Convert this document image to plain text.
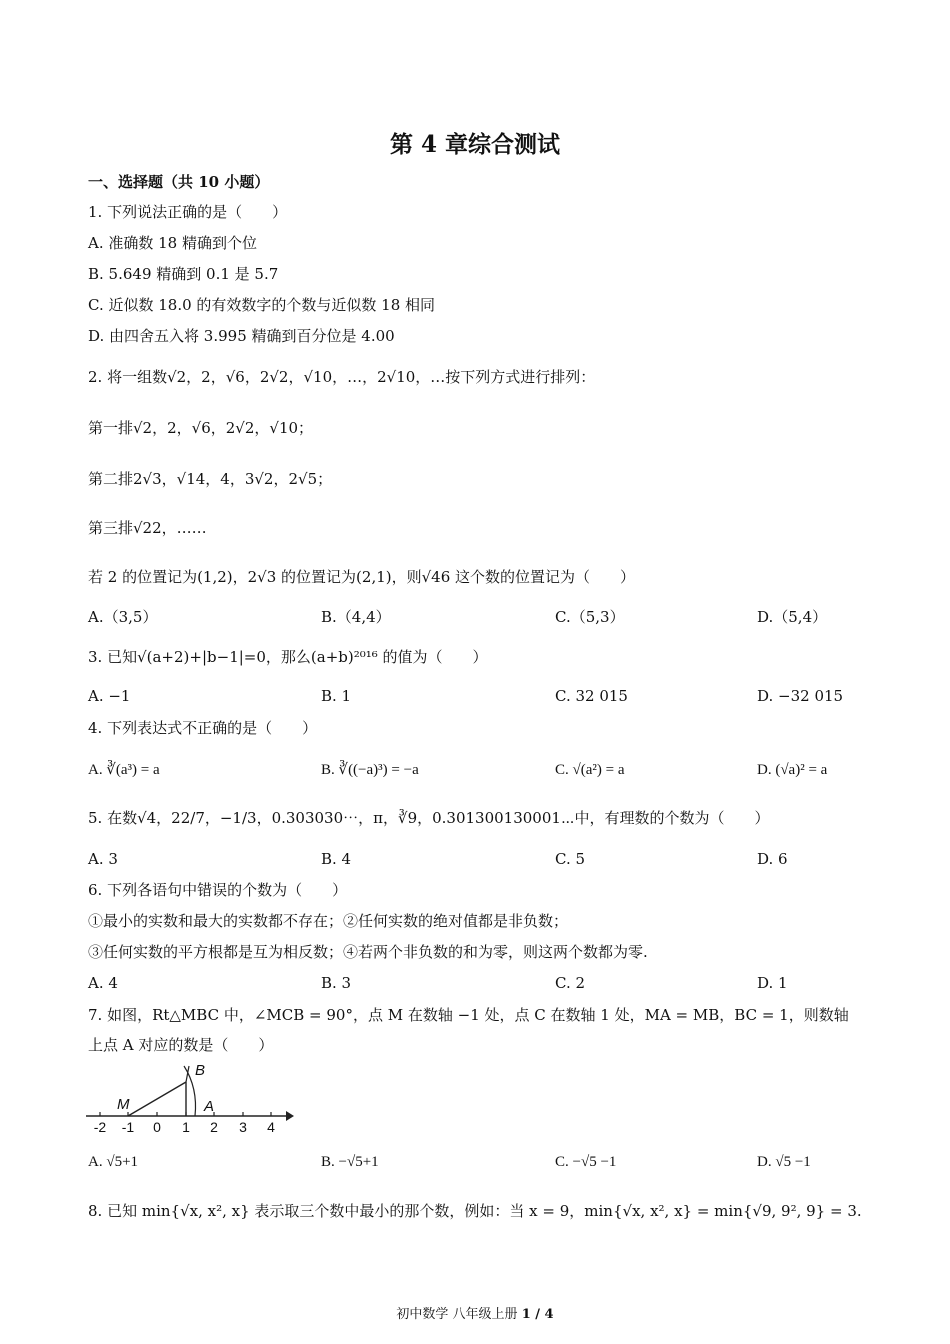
第 4 章综合测试
一、选择题（共 10 小题）
1. 下列说法正确的是（　　）
A. 准确数 18 精确到个位
B. 5.649 精确到 0.1 是 5.7
C. 近似数 18.0 的有效数字的个数与近似数 18 相同
D. 由四舍五入将 3.995 精确到百分位是 4.00
2. 将一组数√2，2，√6，2√2，√10，…，2√10，…按下列方式进行排列：
第一排√2，2，√6，2√2，√10；
第二排2√3，√14，4，3√2，2√5；
第三排√22，……
若 2 的位置记为(1,2)，2√3 的位置记为(2,1)，则√46 这个数的位置记为（　　）
A.（3,5）	B.（4,4）	C.（5,3）	D.（5,4）
3. 已知√(a+2)+|b−1|=0，那么(a+b)²⁰¹⁶ 的值为（　　）
A. −1	B. 1	C. 32 015	D. −32 015
4. 下列表达式不正确的是（　　）
A. ∛(a³) = a	B. ∛((−a)³) = −a	C. √(a²) = a	D. (√a)² = a
5. 在数√4，22/7，−1/3，0.303030⋯，π，∛9，0.301300130001⋯中，有理数的个数为（　　）
A. 3	B. 4	C. 5	D. 6
6. 下列各语句中错误的个数为（　　）
①最小的实数和最大的实数都不存在；②任何实数的绝对值都是非负数；
③任何实数的平方根都是互为相反数；④若两个非负数的和为零，则这两个数都为零.
A. 4	B. 3	C. 2	D. 1
7. 如图，Rt△MBC 中，∠MCB = 90°，点 M 在数轴 −1 处，点 C 在数轴 1 处，MA = MB，BC = 1，则数轴
上点 A 对应的数是（　　）
-2 -1 0 1 2 3 4
M
B
A
A. √5+1	B. −√5+1	C. −√5 −1	D. √5 −1
8. 已知 min{√x, x², x} 表示取三个数中最小的那个数，例如：当 x = 9，min{√x, x², x} = min{√9, 9², 9} = 3.
初中数学 八年级上册 1 / 4
